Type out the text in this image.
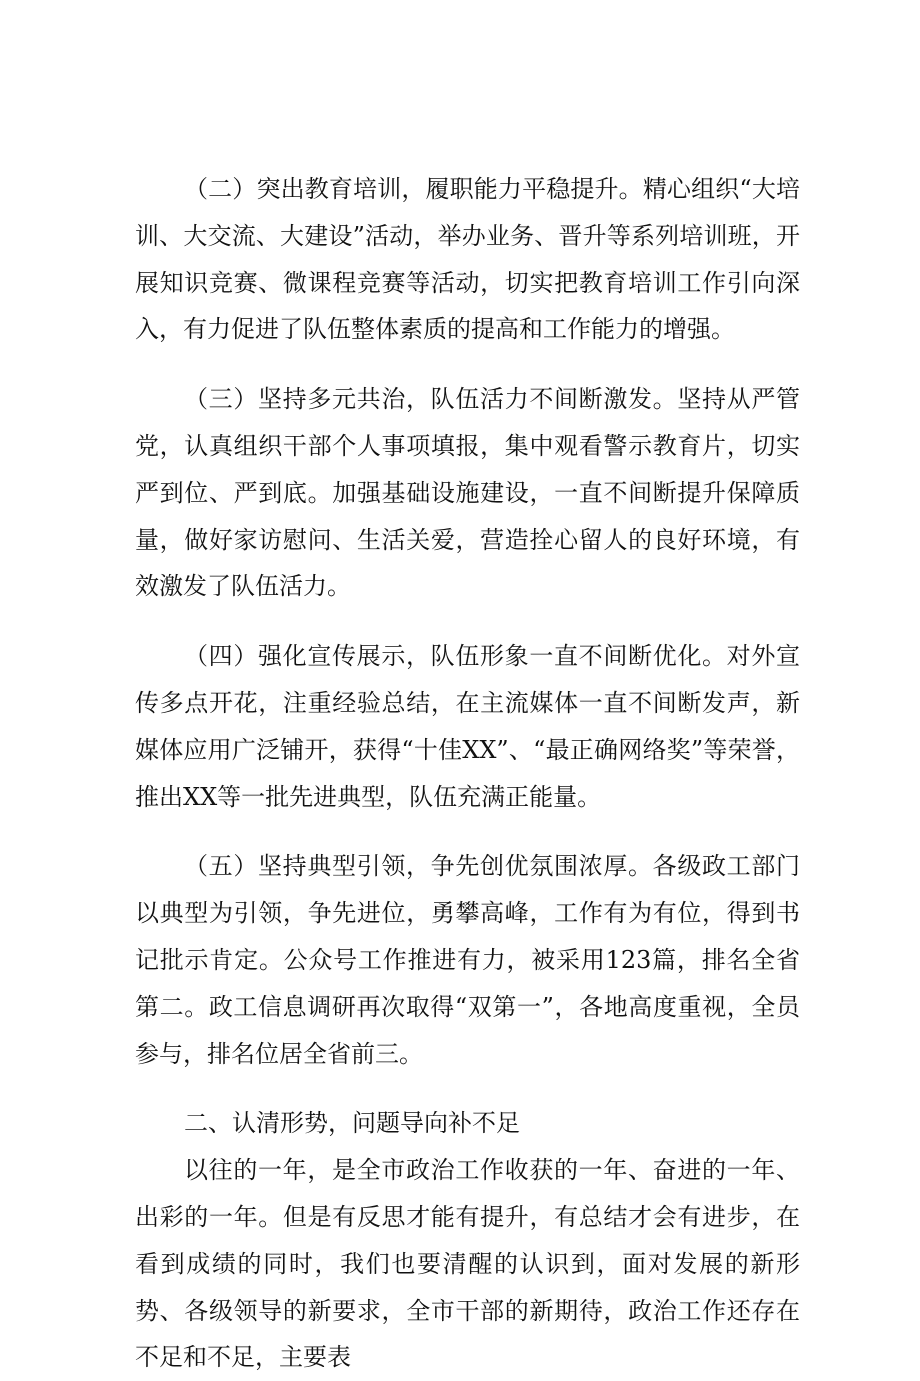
（二）突出教育培训，履职能力平稳提升。精心组织“大培训、大交流、大建设”活动，举办业务、晋升等系列培训班，开展知识竞赛、微课程竞赛等活动，切实把教育培训工作引向深入，有力促进了队伍整体素质的提高和工作能力的增强。

（三）坚持多元共治，队伍活力不间断激发。坚持从严管党，认真组织干部个人事项填报，集中观看警示教育片，切实严到位、严到底。加强基础设施建设，一直不间断提升保障质量，做好家访慰问、生活关爱，营造拴心留人的良好环境，有效激发了队伍活力。

（四）强化宣传展示，队伍形象一直不间断优化。对外宣传多点开花，注重经验总结，在主流媒体一直不间断发声，新媒体应用广泛铺开，获得“十佳XX”、“最正确网络奖”等荣誉，推出XX等一批先进典型，队伍充满正能量。

（五）坚持典型引领，争先创优氛围浓厚。各级政工部门以典型为引领，争先进位，勇攀高峰，工作有为有位，得到书记批示肯定。公众号工作推进有力，被采用123篇，排名全省第二。政工信息调研再次取得“双第一”，各地高度重视，全员参与，排名位居全省前三。

二、认清形势，问题导向补不足

以往的一年，是全市政治工作收获的一年、奋进的一年、出彩的一年。但是有反思才能有提升，有总结才会有进步，在看到成绩的同时，我们也要清醒的认识到，面对发展的新形势、各级领导的新要求，全市干部的新期待，政治工作还存在不足和不足，主要表
